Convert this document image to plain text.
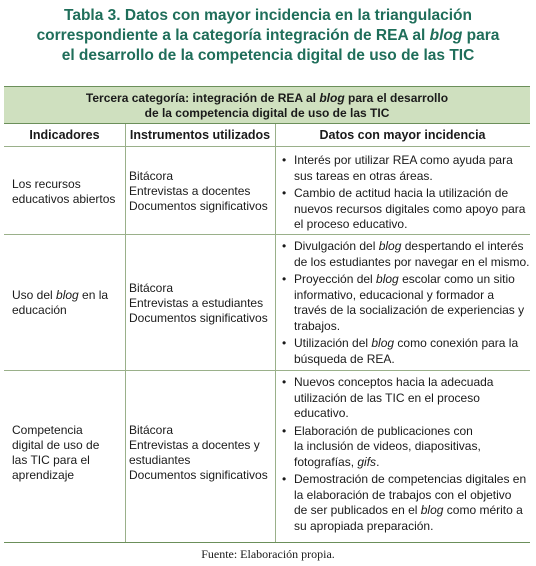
Tabla 3. Datos con mayor incidencia en la triangulación
correspondiente a la categoría integración de REA al blog para
el desarrollo de la competencia digital de uso de las TIC
Tercera categoría: integración de REA al blog para el desarrollo
de la competencia digital de uso de las TIC
Indicadores	Instrumentos utilizados	Datos con mayor incidencia
Los recursos
educativos abiertos
Bitácora
Entrevistas a docentes
Documentos significativos
• Interés por utilizar REA como ayuda para
sus tareas en otras áreas.
• Cambio de actitud hacia la utilización de
nuevos recursos digitales como apoyo para
el proceso educativo.
Uso del blog en la
educación
Bitácora
Entrevistas a estudiantes
Documentos significativos
• Divulgación del blog despertando el interés
de los estudiantes por navegar en el mismo.
• Proyección del blog escolar como un sitio
informativo, educacional y formador a
través de la socialización de experiencias y
trabajos.
• Utilización del blog como conexión para la
búsqueda de REA.
Competencia
digital de uso de
las TIC para el
aprendizaje
Bitácora
Entrevistas a docentes y
estudiantes
Documentos significativos
• Nuevos conceptos hacia la adecuada
utilización de las TIC en el proceso
educativo.
• Elaboración de publicaciones con
la inclusión de videos, diapositivas,
fotografías, gifs.
• Demostración de competencias digitales en
la elaboración de trabajos con el objetivo
de ser publicados en el blog como mérito a
su apropiada preparación.
Fuente: Elaboración propia.
